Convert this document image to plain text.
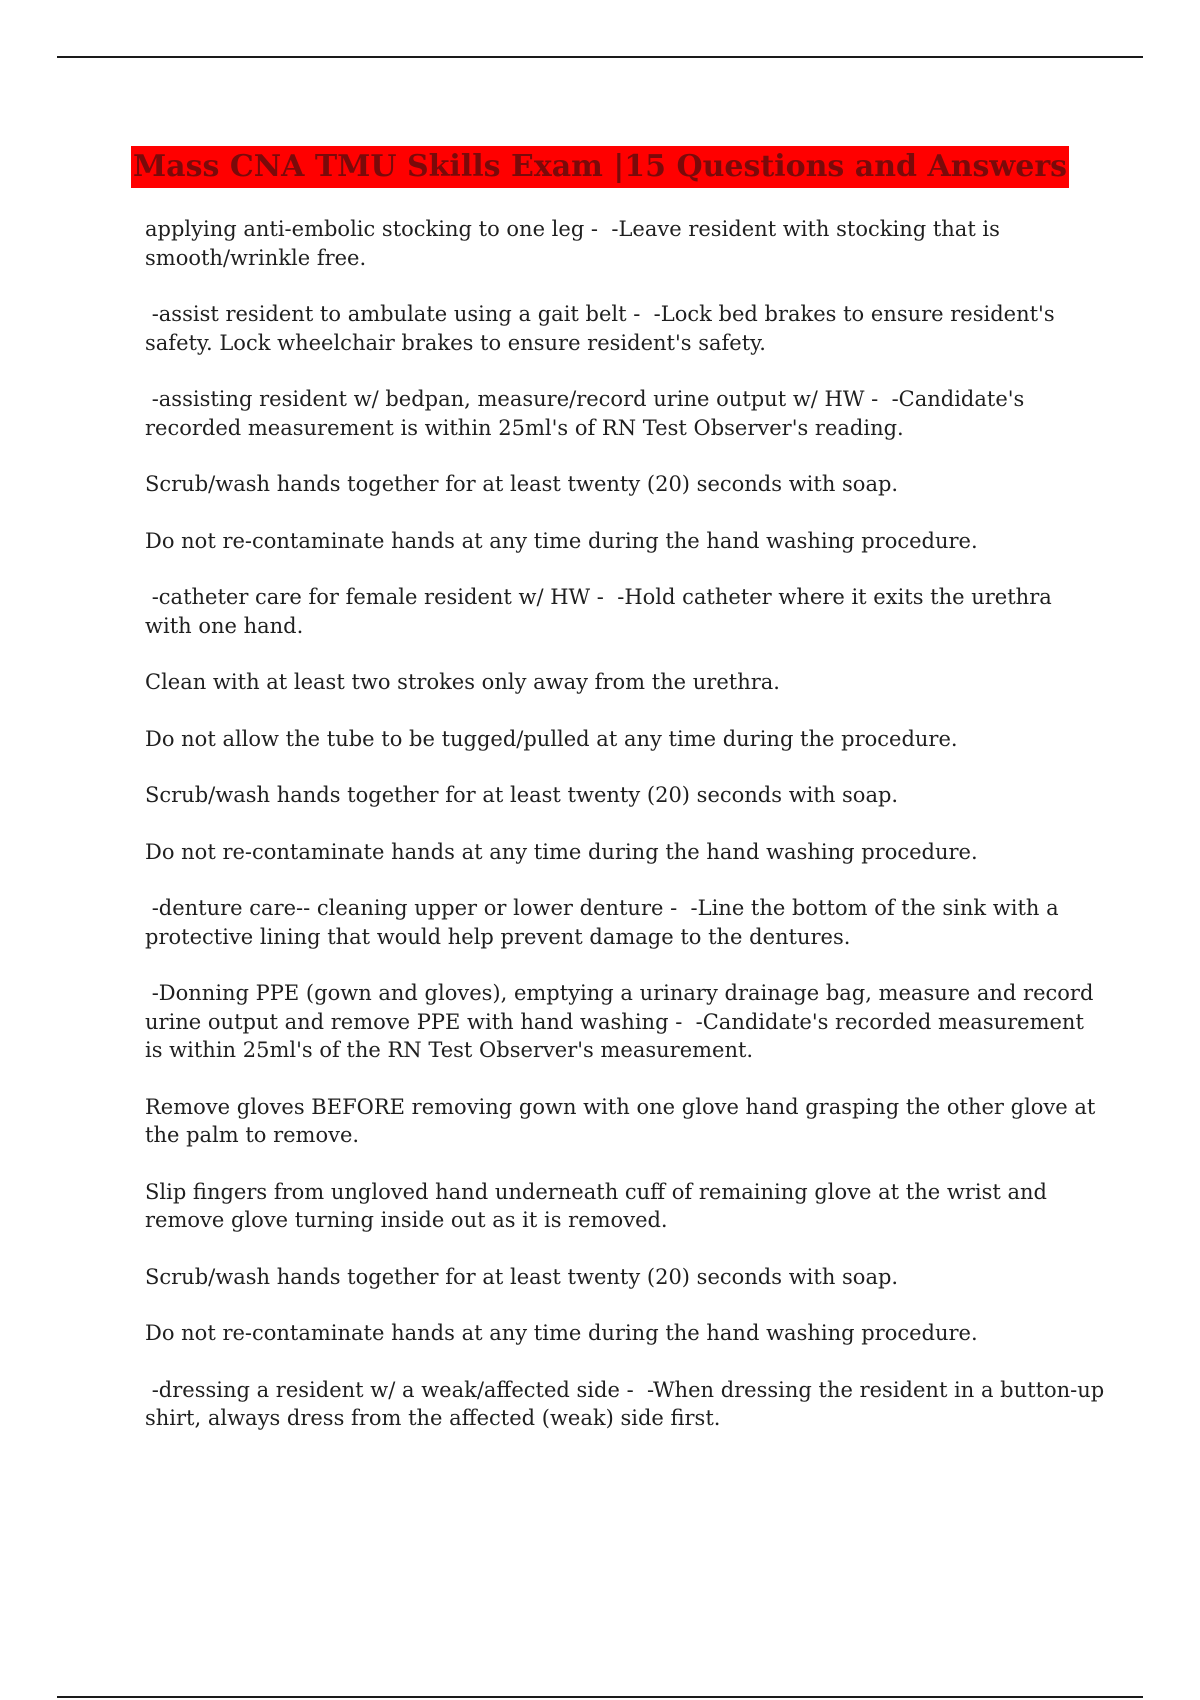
Mass CNA TMU Skills Exam |15 Questions and Answers

applying anti-embolic stocking to one leg -  -Leave resident with stocking that is smooth/wrinkle free.

-assist resident to ambulate using a gait belt -  -Lock bed brakes to ensure resident's safety. Lock wheelchair brakes to ensure resident's safety.

-assisting resident w/ bedpan, measure/record urine output w/ HW -  -Candidate's recorded measurement is within 25ml's of RN Test Observer's reading.

Scrub/wash hands together for at least twenty (20) seconds with soap.

Do not re-contaminate hands at any time during the hand washing procedure.

-catheter care for female resident w/ HW -  -Hold catheter where it exits the urethra with one hand.

Clean with at least two strokes only away from the urethra.

Do not allow the tube to be tugged/pulled at any time during the procedure.

Scrub/wash hands together for at least twenty (20) seconds with soap.

Do not re-contaminate hands at any time during the hand washing procedure.

-denture care-- cleaning upper or lower denture -  -Line the bottom of the sink with a protective lining that would help prevent damage to the dentures.

-Donning PPE (gown and gloves), emptying a urinary drainage bag, measure and record urine output and remove PPE with hand washing -  -Candidate's recorded measurement is within 25ml's of the RN Test Observer's measurement.

Remove gloves BEFORE removing gown with one glove hand grasping the other glove at the palm to remove.

Slip fingers from ungloved hand underneath cuff of remaining glove at the wrist and remove glove turning inside out as it is removed.

Scrub/wash hands together for at least twenty (20) seconds with soap.

Do not re-contaminate hands at any time during the hand washing procedure.

-dressing a resident w/ a weak/affected side -  -When dressing the resident in a button-up shirt, always dress from the affected (weak) side first.
